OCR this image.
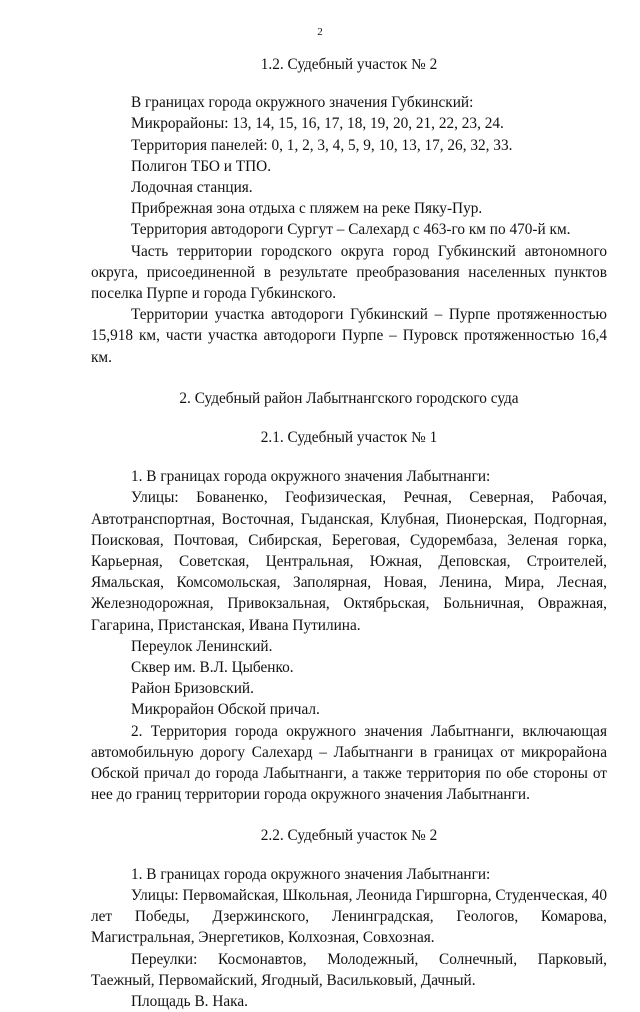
2

1.2. Судебный участок № 2

В границах города окружного значения Губкинский:

Микрорайоны: 13, 14, 15, 16, 17, 18, 19, 20, 21, 22, 23, 24.

Территория панелей: 0, 1, 2, 3, 4, 5, 9, 10, 13, 17, 26, 32, 33.

Полигон ТБО и ТПО.

Лодочная станция.

Прибрежная зона отдыха с пляжем на реке Пяку-Пур.

Территория автодороги Сургут – Салехард с 463-го км по 470-й км.

Часть территории городского округа город Губкинский автономного округа, присоединенной в результате преобразования населенных пунктов поселка Пурпе и города Губкинского.

Территории участка автодороги Губкинский – Пурпе протяженностью 15,918 км, части участка автодороги Пурпе – Пуровск протяженностью 16,4 км.

2. Судебный район Лабытнангского городского суда

2.1. Судебный участок № 1

1. В границах города окружного значения Лабытнанги:

Улицы: Бованенко, Геофизическая, Речная, Северная, Рабочая, Автотранспортная, Восточная, Гыданская, Клубная, Пионерская, Подгорная, Поисковая, Почтовая, Сибирская, Береговая, Судорембаза, Зеленая горка, Карьерная, Советская, Центральная, Южная, Деповская, Строителей, Ямальская, Комсомольская, Заполярная, Новая, Ленина, Мира, Лесная, Железнодорожная, Привокзальная, Октябрьская, Больничная, Овражная, Гагарина, Пристанская, Ивана Путилина.

Переулок Ленинский.

Сквер им. В.Л. Цыбенко.

Район Бризовский.

Микрорайон Обской причал.

2. Территория города окружного значения Лабытнанги, включающая автомобильную дорогу Салехард – Лабытнанги в границах от микрорайона Обской причал до города Лабытнанги, а также территория по обе стороны от нее до границ территории города окружного значения Лабытнанги.

2.2. Судебный участок № 2

1. В границах города окружного значения Лабытнанги:

Улицы: Первомайская, Школьная, Леонида Гиршгорна, Студенческая, 40 лет Победы, Дзержинского, Ленинградская, Геологов, Комарова, Магистральная, Энергетиков, Колхозная, Совхозная.

Переулки: Космонавтов, Молодежный, Солнечный, Парковый, Таежный, Первомайский, Ягодный, Васильковый, Дачный.

Площадь В. Нака.
